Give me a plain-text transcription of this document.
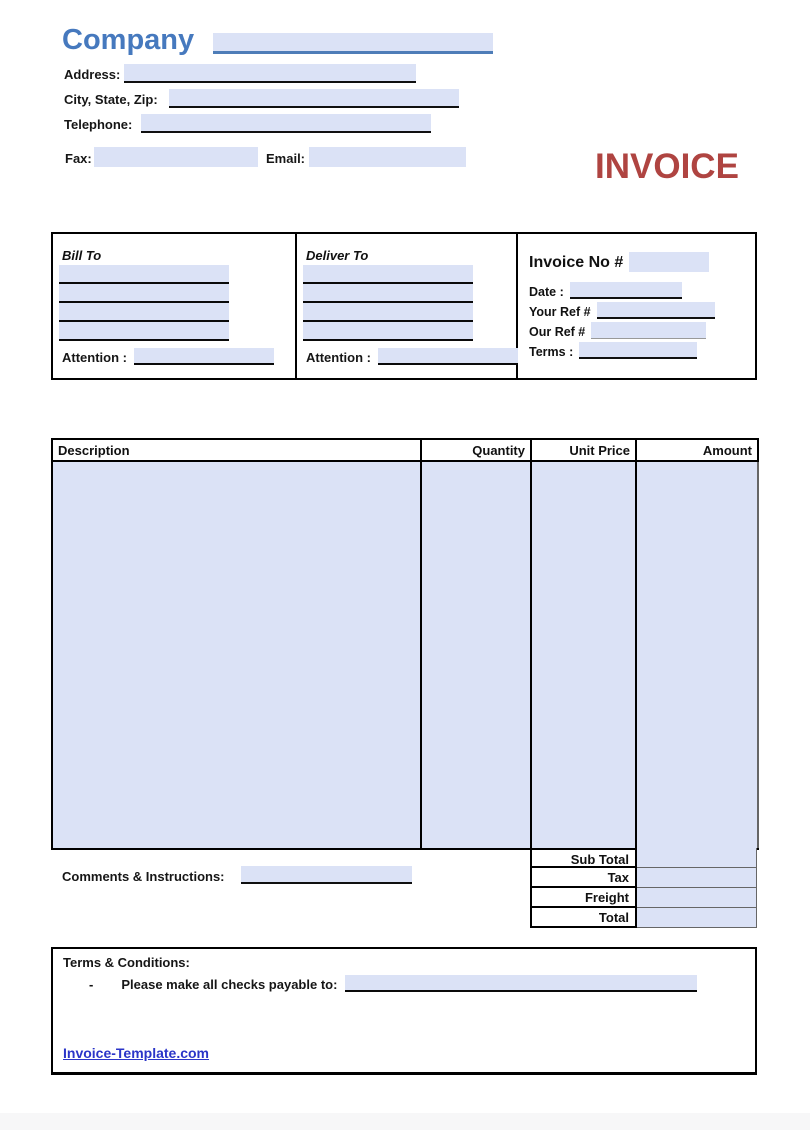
Company
Address:
City, State, Zip:
Telephone:
Fax:	Email:	INVOICE
Bill To
Attention :
Deliver To
Attention :
Invoice No #
Date :
Your Ref #
Our Ref #
Terms :
Description	Quantity	Unit Price	Amount

Sub Total
Tax
Freight
Total
Comments & Instructions:
Terms & Conditions:
- Please make all checks payable to:
Invoice-Template.com
